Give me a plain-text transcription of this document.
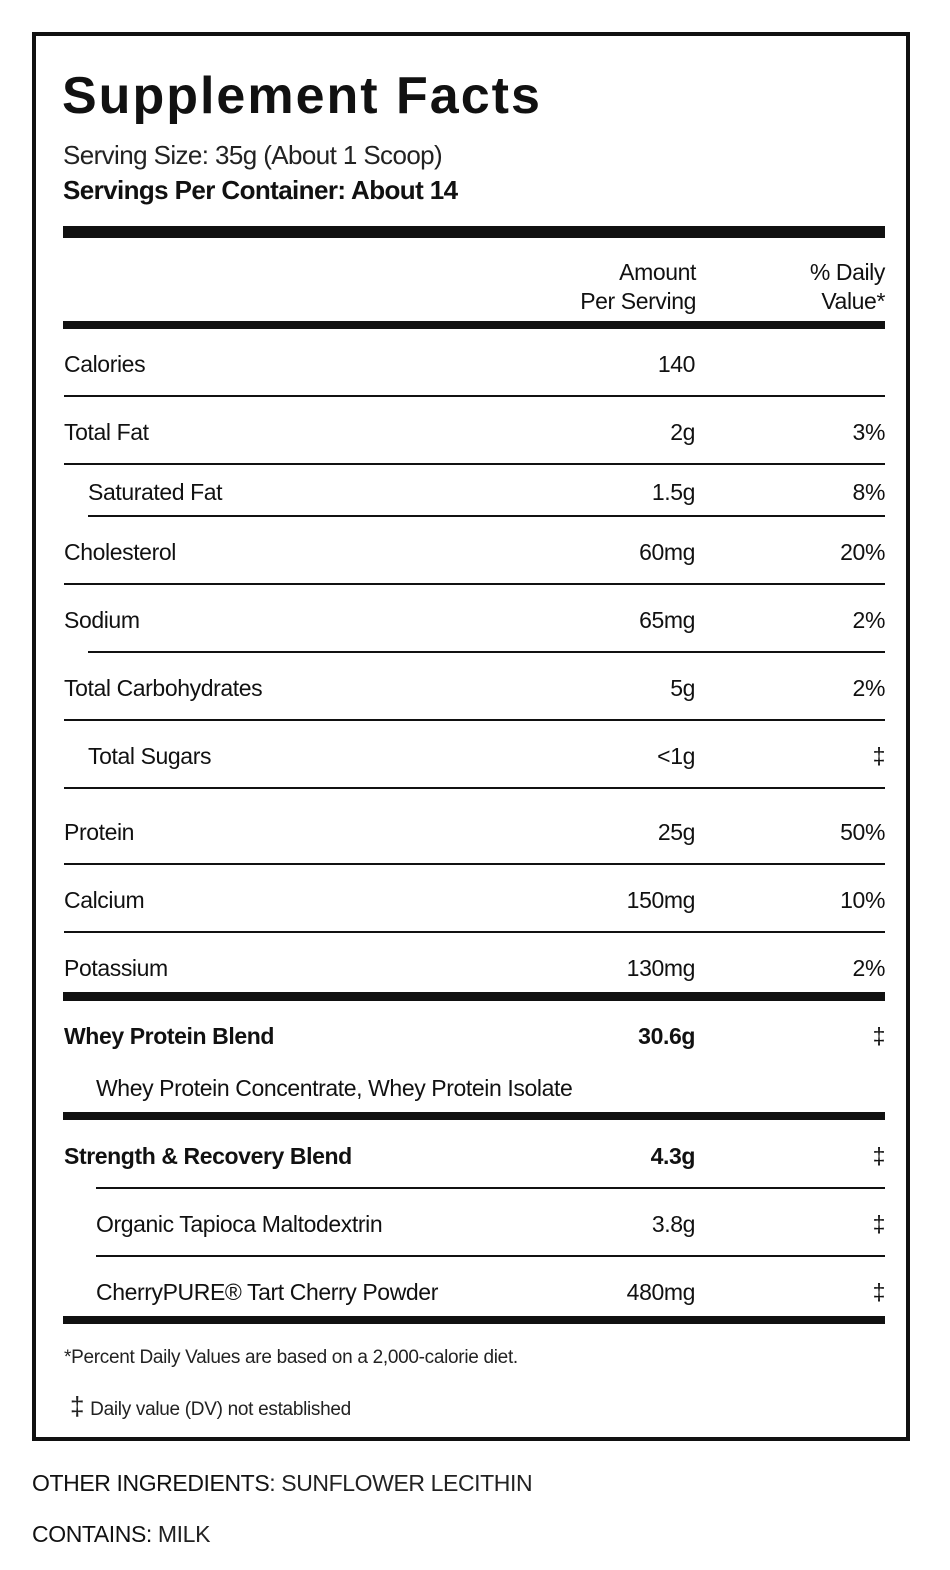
Supplement Facts
Serving Size: 35g (About 1 Scoop)
Servings Per Container: About 14
Amount
Per Serving
% Daily
Value*
Calories	140
Total Fat	2g	3%
Saturated Fat	1.5g	8%
Cholesterol	60mg	20%
Sodium	65mg	2%
Total Carbohydrates	5g	2%
Total Sugars	<1g	‡
Protein	25g	50%
Calcium	150mg	10%
Potassium	130mg	2%
Whey Protein Blend	30.6g	‡
Whey Protein Concentrate, Whey Protein Isolate
Strength & Recovery Blend	4.3g	‡
Organic Tapioca Maltodextrin	3.8g	‡
CherryPURE® Tart Cherry Powder	480mg	‡
*Percent Daily Values are based on a 2,000-calorie diet.
‡ Daily value (DV) not established
OTHER INGREDIENTS: SUNFLOWER LECITHIN
CONTAINS: MILK
